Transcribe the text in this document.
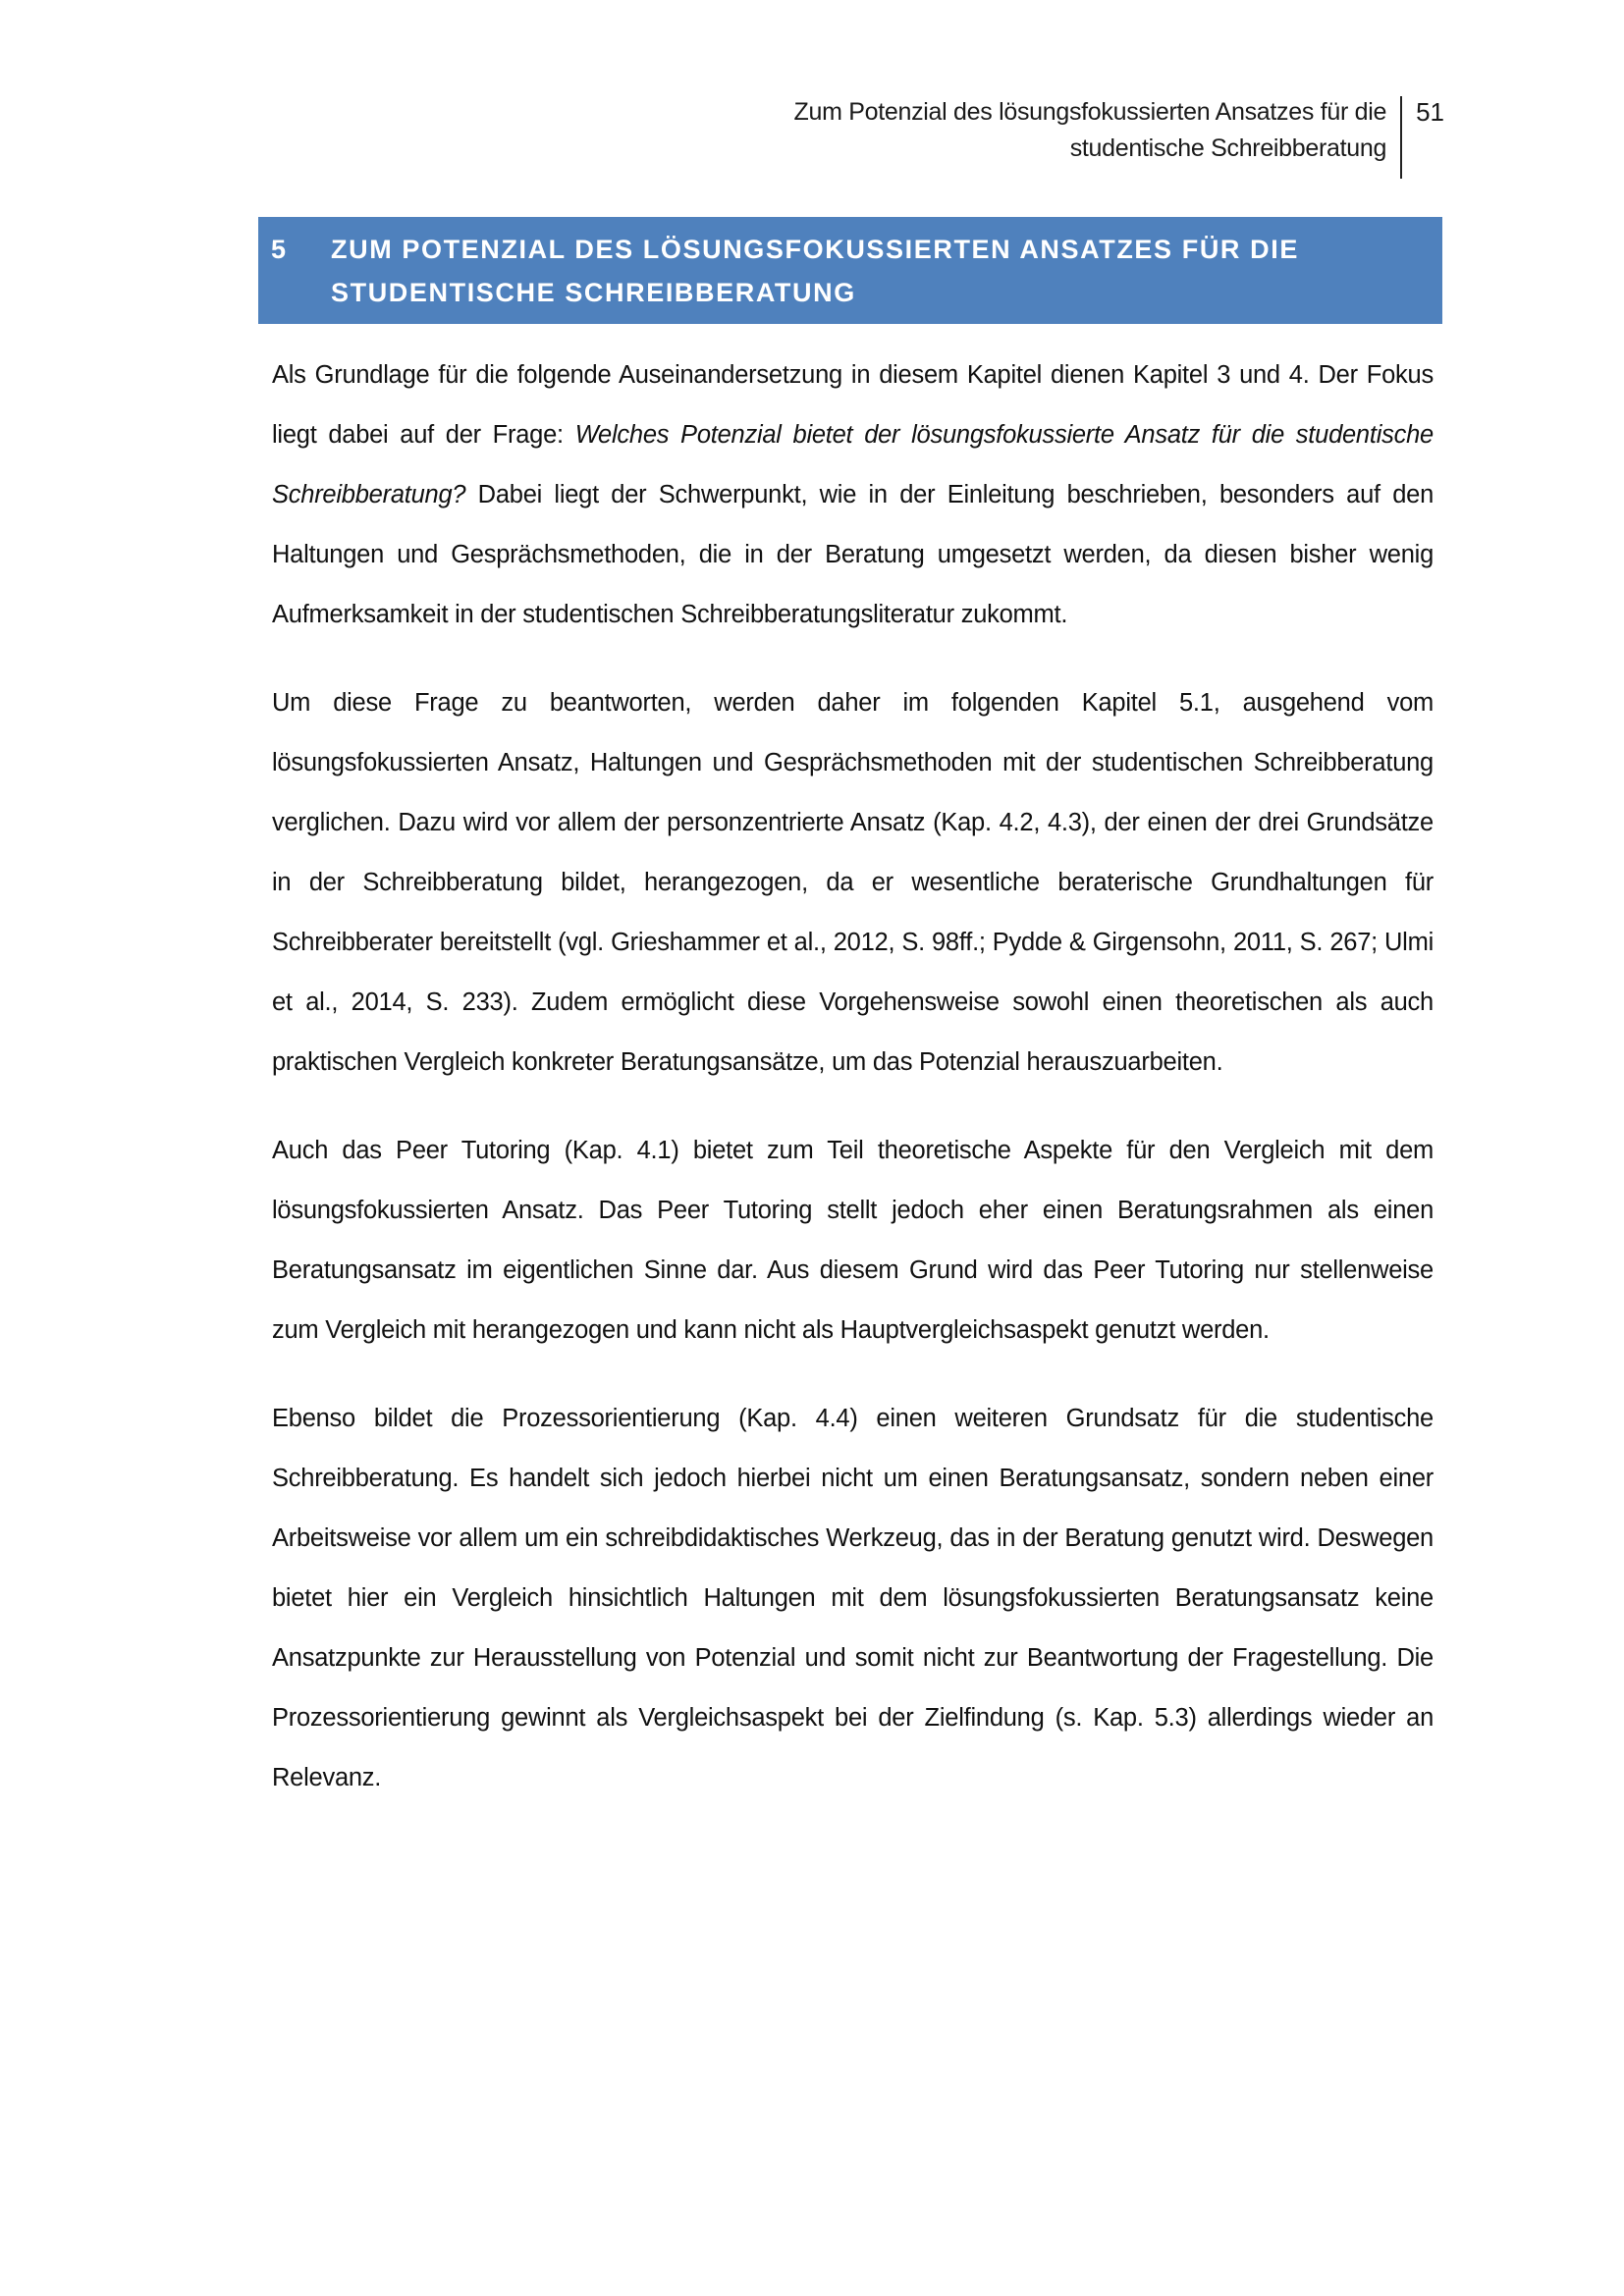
Zum Potenzial des lösungsfokussierten Ansatzes für die
studentische Schreibberatung
51
5	ZUM POTENZIAL DES LÖSUNGSFOKUSSIERTEN ANSATZES FÜR DIE
STUDENTISCHE SCHREIBBERATUNG

Als Grundlage für die folgende Auseinandersetzung in diesem Kapitel dienen Kapitel 3 und 4. Der Fokus liegt dabei auf der Frage: Welches Potenzial bietet der lösungsfokussierte Ansatz für die studentische Schreibberatung? Dabei liegt der Schwerpunkt, wie in der Einleitung beschrieben, besonders auf den Haltungen und Gesprächsmethoden, die in der Beratung umgesetzt werden, da diesen bisher wenig Aufmerksamkeit in der studentischen Schreibberatungsliteratur zukommt.

Um diese Frage zu beantworten, werden daher im folgenden Kapitel 5.1, ausgehend vom lösungsfokussierten Ansatz, Haltungen und Gesprächsmethoden mit der studentischen Schreibberatung verglichen. Dazu wird vor allem der personzentrierte Ansatz (Kap. 4.2, 4.3), der einen der drei Grundsätze in der Schreibberatung bildet, herangezogen, da er wesentliche beraterische Grundhaltungen für Schreibberater bereitstellt (vgl. Grieshammer et al., 2012, S. 98ff.; Pydde & Girgensohn, 2011, S. 267; Ulmi et al., 2014, S. 233). Zudem ermöglicht diese Vorgehensweise sowohl einen theoretischen als auch praktischen Vergleich konkreter Beratungsansätze, um das Potenzial herauszuarbeiten.

Auch das Peer Tutoring (Kap. 4.1) bietet zum Teil theoretische Aspekte für den Vergleich mit dem lösungsfokussierten Ansatz. Das Peer Tutoring stellt jedoch eher einen Beratungsrahmen als einen Beratungsansatz im eigentlichen Sinne dar. Aus diesem Grund wird das Peer Tutoring nur stellenweise zum Vergleich mit herangezogen und kann nicht als Hauptvergleichsaspekt genutzt werden.

Ebenso bildet die Prozessorientierung (Kap. 4.4) einen weiteren Grundsatz für die studentische Schreibberatung. Es handelt sich jedoch hierbei nicht um einen Beratungsansatz, sondern neben einer Arbeitsweise vor allem um ein schreibdidaktisches Werkzeug, das in der Beratung genutzt wird. Deswegen bietet hier ein Vergleich hinsichtlich Haltungen mit dem lösungsfokussierten Beratungsansatz keine Ansatzpunkte zur Herausstellung von Potenzial und somit nicht zur Beantwortung der Fragestellung. Die Prozessorientierung gewinnt als Vergleichsaspekt bei der Zielfindung (s. Kap. 5.3) allerdings wieder an Relevanz.
